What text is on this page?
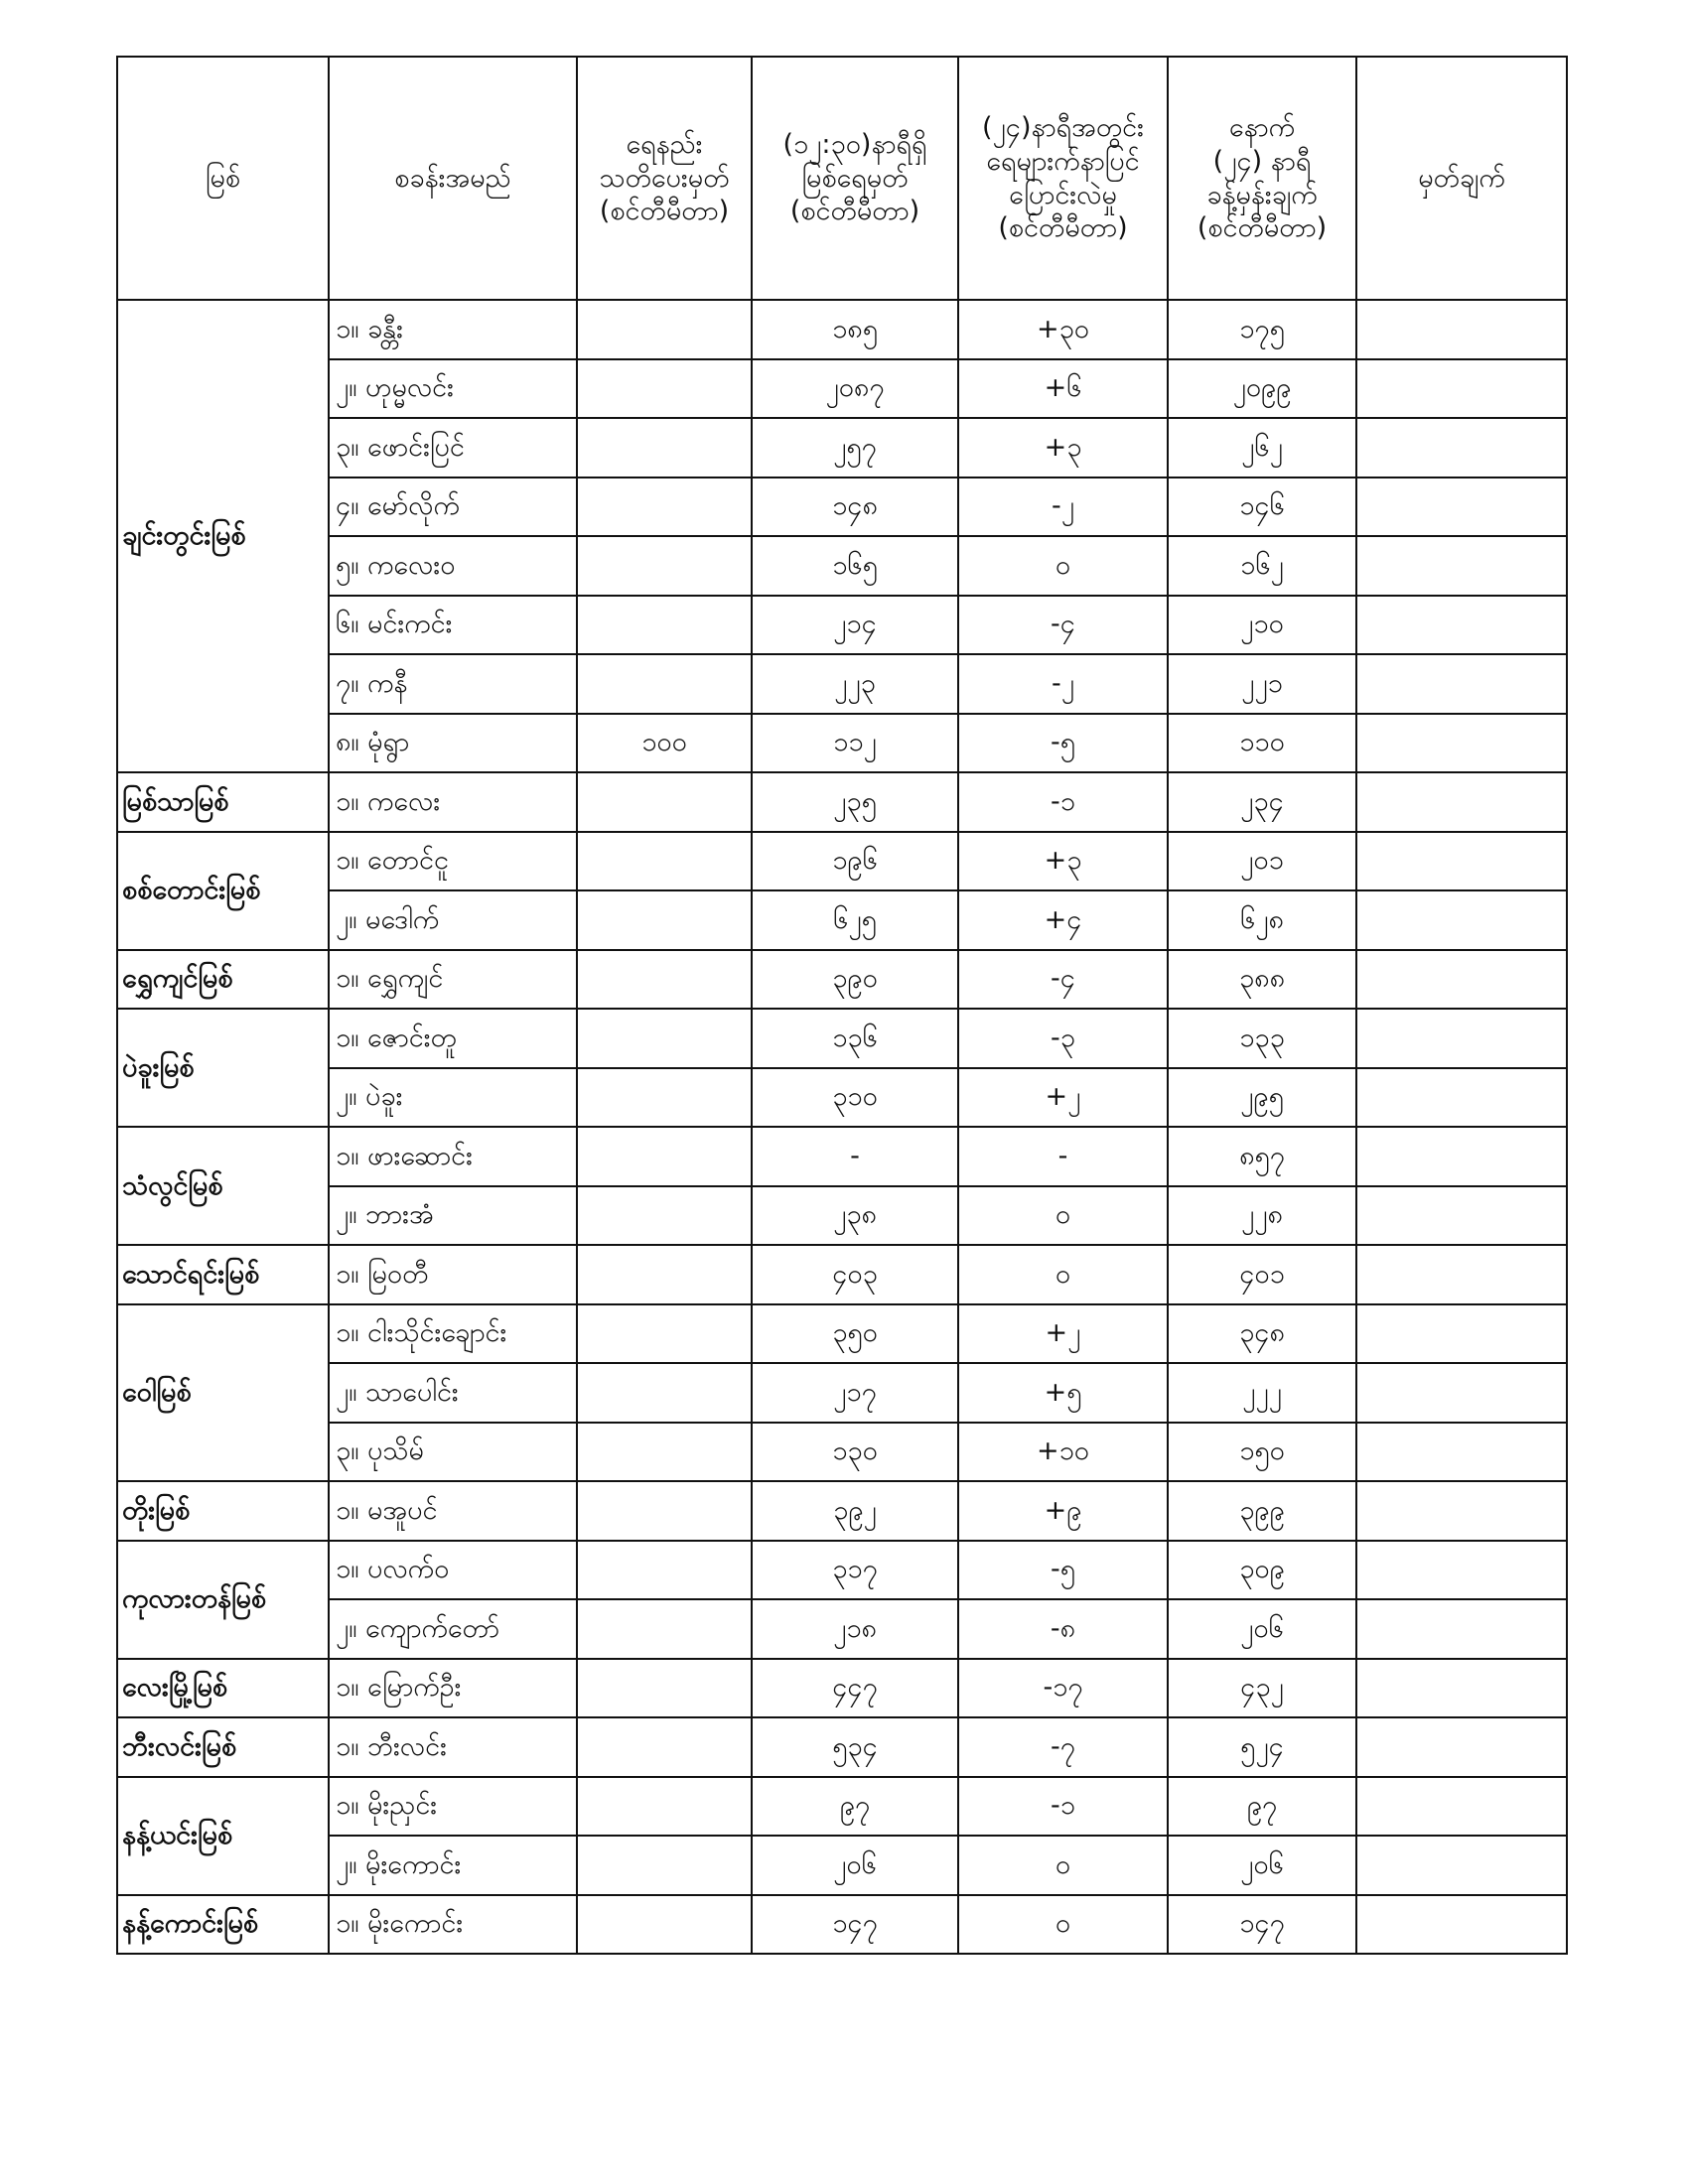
မြစ်	စခန်းအမည်	ရေနည်း
သတိပေးမှတ်
(စင်တီမီတာ)	(၁၂:၃၀)နာရီရှိ
မြစ်ရေမှတ်
(စင်တီမီတာ)	(၂၄)နာရီအတွင်း
ရေများက်နာပြင်
ပြောင်းလဲမှု
(စင်တီမီတာ)	နောက်
(၂၄) နာရီ
ခန့်မှန်းချက်
(စင်တီမီတာ)	မှတ်ချက်

ချင်းတွင်းမြစ်	၁။ ခန္တီး		၁၈၅	+၃၀	၁၇၅	
	၂။ ဟုမ္မလင်း		၂၀၈၇	+၆	၂၀၉၉	
	၃။ ဖောင်းပြင်		၂၅၇	+၃	၂၆၂	
	၄။ မော်လိုက်		၁၄၈	-၂	၁၄၆	
	၅။ ကလေးဝ		၁၆၅	၀	၁၆၂	
	၆။ မင်းကင်း		၂၁၄	-၄	၂၁၀	
	၇။ ကနီ		၂၂၃	-၂	၂၂၁	
	၈။ မုံရွာ	၁၀၀	၁၁၂	-၅	၁၁၀	
မြစ်သာမြစ်	၁။ ကလေး		၂၃၅	-၁	၂၃၄	
စစ်တောင်းမြစ်	၁။ တောင်ငူ		၁၉၆	+၃	၂၀၁	
	၂။ မဒေါက်		၆၂၅	+၄	၆၂၈	
ရွှေကျင်မြစ်	၁။ ရွှေကျင်		၃၉၀	-၄	၃၈၈	
ပဲခူးမြစ်	၁။ ဇောင်းတူ		၁၃၆	-၃	၁၃၃	
	၂။ ပဲခူး		၃၁၀	+၂	၂၉၅	
သံလွင်မြစ်	၁။ ဖားဆောင်း		-	-	၈၅၇	
	၂။ ဘားအံ		၂၃၈	၀	၂၂၈	
သောင်ရင်းမြစ်	၁။ မြဝတီ		၄၀၃	၀	၄၀၁	
ဝေါမြစ်	၁။ ငါးသိုင်းချောင်း		၃၅၀	+၂	၃၄၈	
	၂။ သာပေါင်း		၂၁၇	+၅	၂၂၂	
	၃။ ပုသိမ်		၁၃၀	+၁၀	၁၅၀	
တိုးမြစ်	၁။ မအူပင်		၃၉၂	+၉	၃၉၉	
ကုလားတန်မြစ်	၁။ ပလက်ဝ		၃၁၇	-၅	၃၀၉	
	၂။ ကျောက်တော်		၂၁၈	-၈	၂၀၆	
လေးမြို့မြစ်	၁။ မြောက်ဦး		၄၄၇	-၁၇	၄၃၂	
ဘီးလင်းမြစ်	၁။ ဘီးလင်း		၅၃၄	-၇	၅၂၄	
နန့်ယင်းမြစ်	၁။ မိုးညှင်း		၉၇	-၁	၉၇	
	၂။ မိုးကောင်း		၂၀၆	၀	၂၀၆	
နန့်ကောင်းမြစ်	၁။ မိုးကောင်း		၁၄၇	၀	၁၄၇	
